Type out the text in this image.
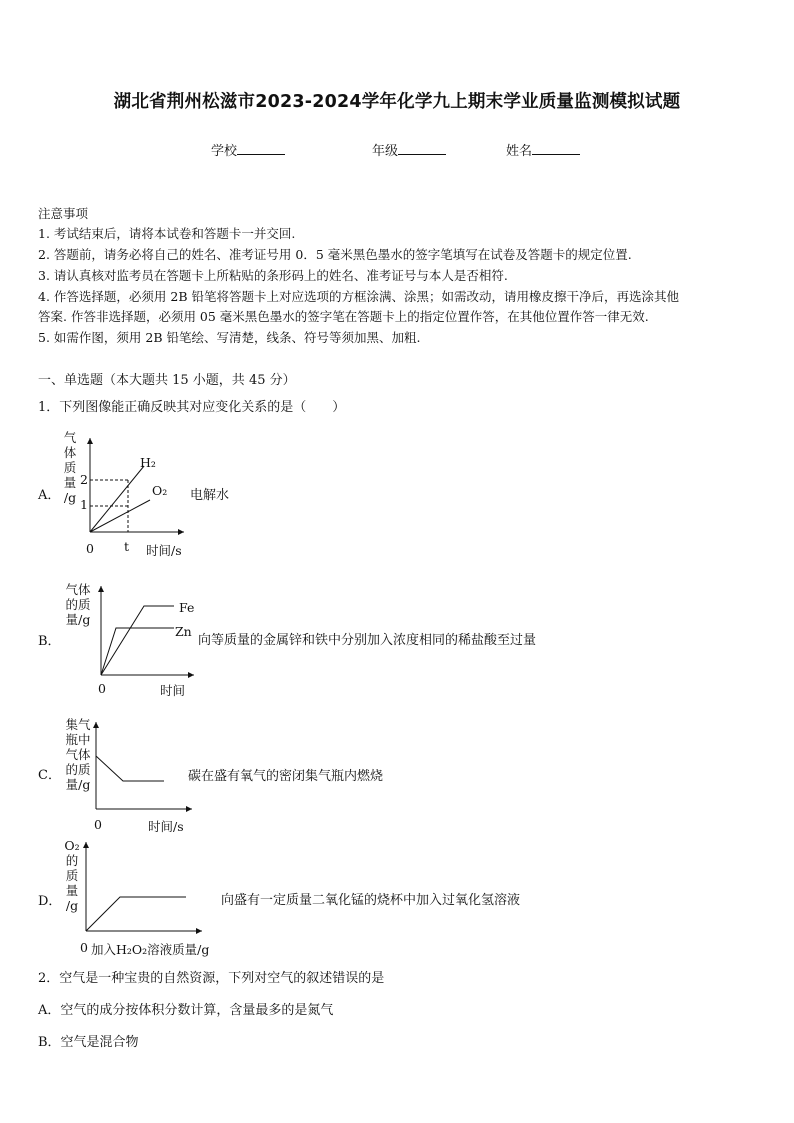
湖北省荆州松滋市2023-2024学年化学九上期末学业质量监测模拟试题
学校	年级	姓名
注意事项
1. 考试结束后，请将本试卷和答题卡一并交回.
2. 答题前，请务必将自己的姓名、准考证号用 0．5 毫米黑色墨水的签字笔填写在试卷及答题卡的规定位置.
3. 请认真核对监考员在答题卡上所粘贴的条形码上的姓名、准考证号与本人是否相符.
4. 作答选择题，必须用 2B 铅笔将答题卡上对应选项的方框涂满、涂黑；如需改动，请用橡皮擦干净后，再选涂其他
答案. 作答非选择题，必须用 05 毫米黑色墨水的签字笔在答题卡上的指定位置作答，在其他位置作答一律无效.
5. 如需作图，须用 2B 铅笔绘、写清楚，线条、符号等须加黑、加粗.
一、单选题（本大题共 15 小题，共 45 分）
1．下列图像能正确反映其对应变化关系的是（　　）
A．
气
体
质
量
/g
2
1
0 t 时间/s
H₂
O₂ 电解水
B．
气体
的质
量/g
0	时间
Fe
Zn
向等质量的金属锌和铁中分别加入浓度相同的稀盐酸至过量
C．
集气
瓶中
气体
的质
量/g
0	时间/s
碳在盛有氧气的密闭集气瓶内燃烧
D．
O₂
的
质
量
/g
0 加入H₂O₂溶液质量/g
向盛有一定质量二氧化锰的烧杯中加入过氧化氢溶液
2．空气是一种宝贵的自然资源，下列对空气的叙述错误的是
A．空气的成分按体积分数计算，含量最多的是氮气
B．空气是混合物
